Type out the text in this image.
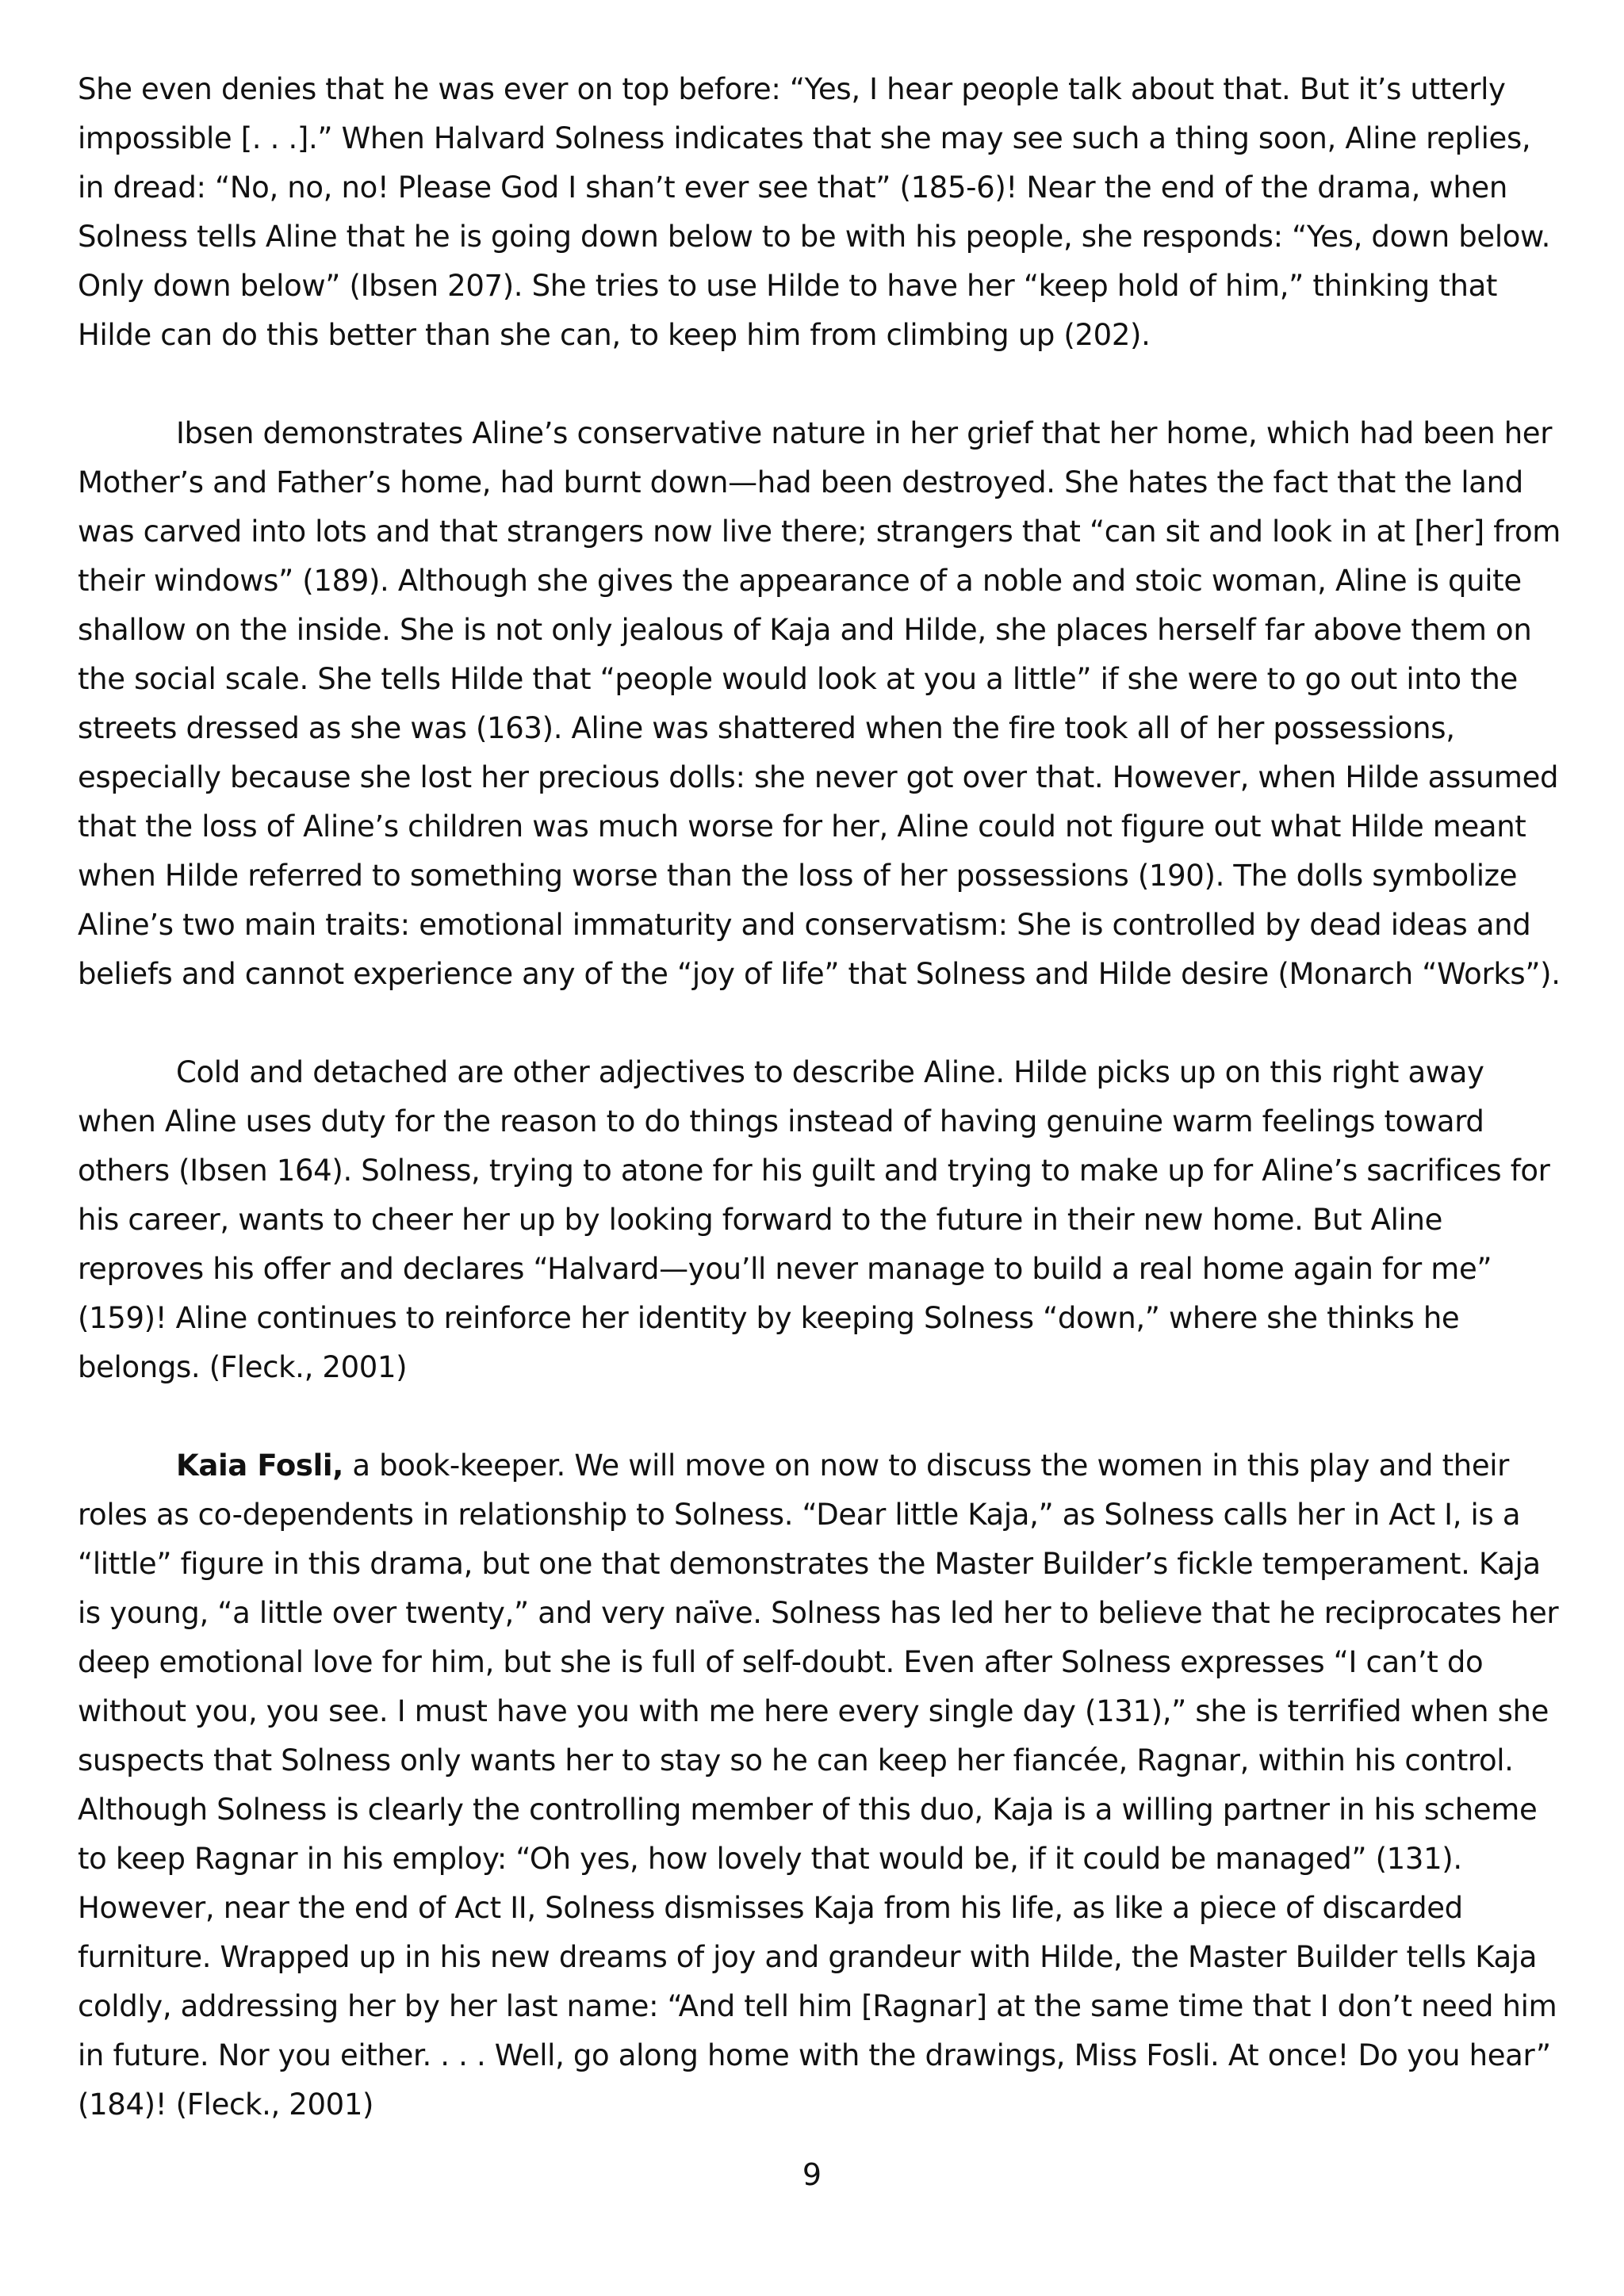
She even denies that he was ever on top before: “Yes, I hear people talk about that. But it’s utterly impossible [. . .].” When Halvard Solness indicates that she may see such a thing soon, Aline replies, in dread: “No, no, no! Please God I shan’t ever see that” (185-6)! Near the end of the drama, when Solness tells Aline that he is going down below to be with his people, she responds: “Yes, down below. Only down below” (Ibsen 207). She tries to use Hilde to have her “keep hold of him,” thinking that Hilde can do this better than she can, to keep him from climbing up (202).

Ibsen demonstrates Aline’s conservative nature in her grief that her home, which had been her Mother’s and Father’s home, had burnt down—had been destroyed. She hates the fact that the land was carved into lots and that strangers now live there; strangers that “can sit and look in at [her] from their windows” (189). Although she gives the appearance of a noble and stoic woman, Aline is quite shallow on the inside. She is not only jealous of Kaja and Hilde, she places herself far above them on the social scale. She tells Hilde that “people would look at you a little” if she were to go out into the streets dressed as she was (163). Aline was shattered when the fire took all of her possessions, especially because she lost her precious dolls: she never got over that. However, when Hilde assumed that the loss of Aline’s children was much worse for her, Aline could not figure out what Hilde meant when Hilde referred to something worse than the loss of her possessions (190). The dolls symbolize Aline’s two main traits: emotional immaturity and conservatism: She is controlled by dead ideas and beliefs and cannot experience any of the “joy of life” that Solness and Hilde desire (Monarch “Works”).

Cold and detached are other adjectives to describe Aline. Hilde picks up on this right away when Aline uses duty for the reason to do things instead of having genuine warm feelings toward others (Ibsen 164). Solness, trying to atone for his guilt and trying to make up for Aline’s sacrifices for his career, wants to cheer her up by looking forward to the future in their new home. But Aline reproves his offer and declares “Halvard—you’ll never manage to build a real home again for me” (159)! Aline continues to reinforce her identity by keeping Solness “down,” where she thinks he belongs. (Fleck., 2001)

Kaia Fosli, a book-keeper. We will move on now to discuss the women in this play and their roles as co-dependents in relationship to Solness. “Dear little Kaja,” as Solness calls her in Act I, is a “little” figure in this drama, but one that demonstrates the Master Builder’s fickle temperament. Kaja is young, “a little over twenty,” and very naïve. Solness has led her to believe that he reciprocates her deep emotional love for him, but she is full of self-doubt. Even after Solness expresses “I can’t do without you, you see. I must have you with me here every single day (131),” she is terrified when she suspects that Solness only wants her to stay so he can keep her fiancée, Ragnar, within his control. Although Solness is clearly the controlling member of this duo, Kaja is a willing partner in his scheme to keep Ragnar in his employ: “Oh yes, how lovely that would be, if it could be managed” (131). However, near the end of Act II, Solness dismisses Kaja from his life, as like a piece of discarded furniture. Wrapped up in his new dreams of joy and grandeur with Hilde, the Master Builder tells Kaja coldly, addressing her by her last name: “And tell him [Ragnar] at the same time that I don’t need him in future. Nor you either. . . . Well, go along home with the drawings, Miss Fosli. At once! Do you hear” (184)! (Fleck., 2001)

9
